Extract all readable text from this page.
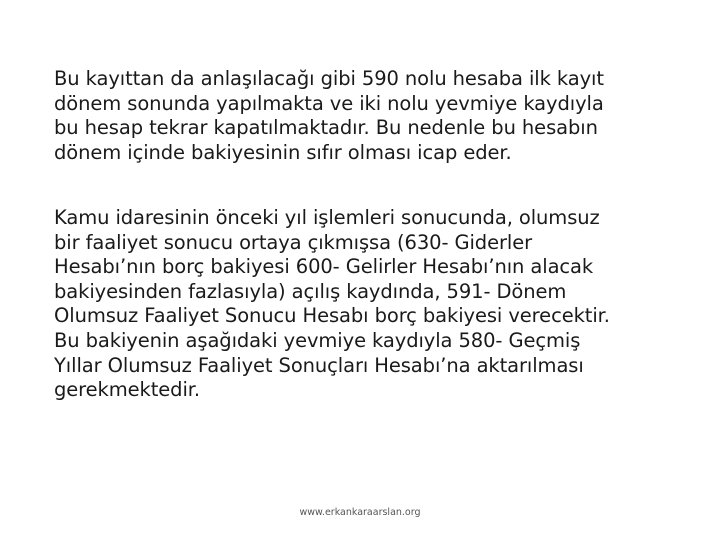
Bu kayıttan da anlaşılacağı gibi 590 nolu hesaba ilk kayıt
dönem sonunda yapılmakta ve iki nolu yevmiye kaydıyla
bu hesap tekrar kapatılmaktadır. Bu nedenle bu hesabın
dönem içinde bakiyesinin sıfır olması icap eder.

Kamu idaresinin önceki yıl işlemleri sonucunda, olumsuz
bir faaliyet sonucu ortaya çıkmışsa (630- Giderler
Hesabı’nın borç bakiyesi 600- Gelirler Hesabı’nın alacak
bakiyesinden fazlasıyla) açılış kaydında, 591- Dönem
Olumsuz Faaliyet Sonucu Hesabı borç bakiyesi verecektir.
Bu bakiyenin aşağıdaki yevmiye kaydıyla 580- Geçmiş
Yıllar Olumsuz Faaliyet Sonuçları Hesabı’na aktarılması
gerekmektedir.

www.erkankaraarslan.org
